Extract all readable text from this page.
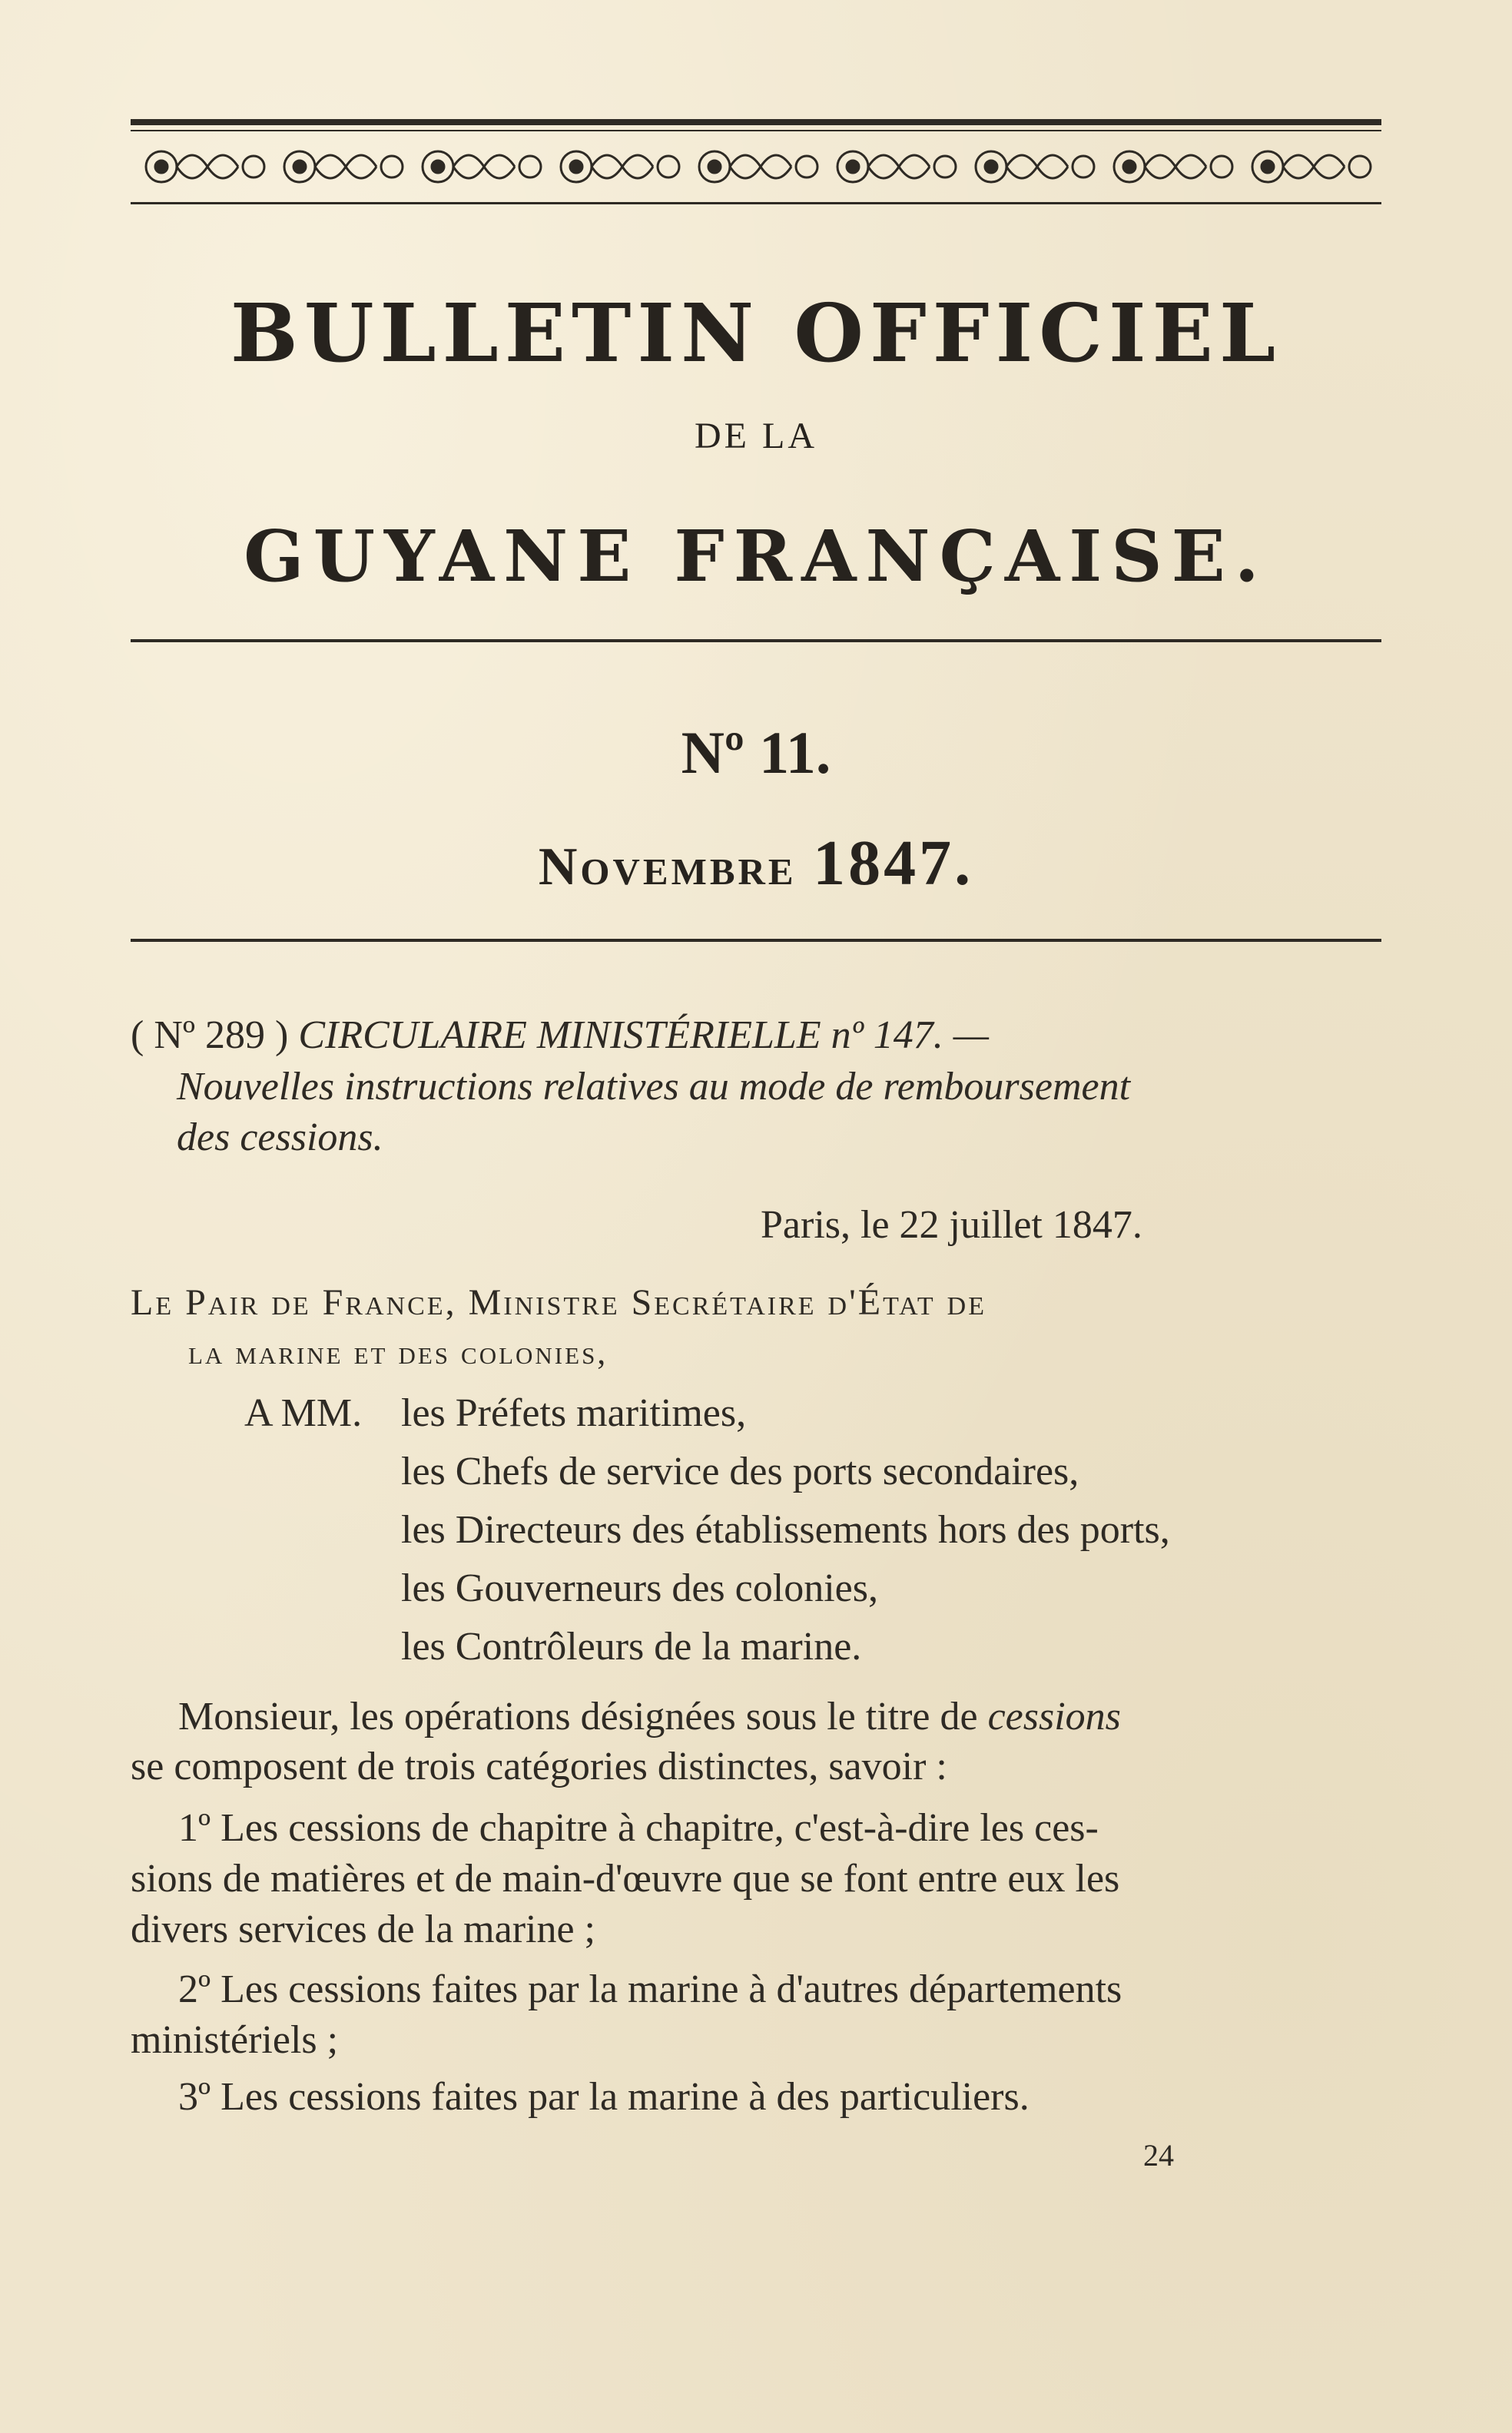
BULLETIN OFFICIEL
DE LA
GUYANE FRANÇAISE.
Nº 11.
Novembre 1847.
( Nº 289 ) CIRCULAIRE MINISTÉRIELLE nº 147. —
Nouvelles instructions relatives au mode de remboursement
des cessions.
Paris, le 22 juillet 1847.
Le Pair de France, Ministre Secrétaire d'État de
la marine et des colonies,
A MM. les Préfets maritimes,
les Chefs de service des ports secondaires,
les Directeurs des établissements hors des ports,
les Gouverneurs des colonies,
les Contrôleurs de la marine.
Monsieur, les opérations désignées sous le titre de cessions
se composent de trois catégories distinctes, savoir :
1º Les cessions de chapitre à chapitre, c'est-à-dire les ces-
sions de matières et de main-d'œuvre que se font entre eux les
divers services de la marine ;
2º Les cessions faites par la marine à d'autres départements
ministériels ;
3º Les cessions faites par la marine à des particuliers.
24
